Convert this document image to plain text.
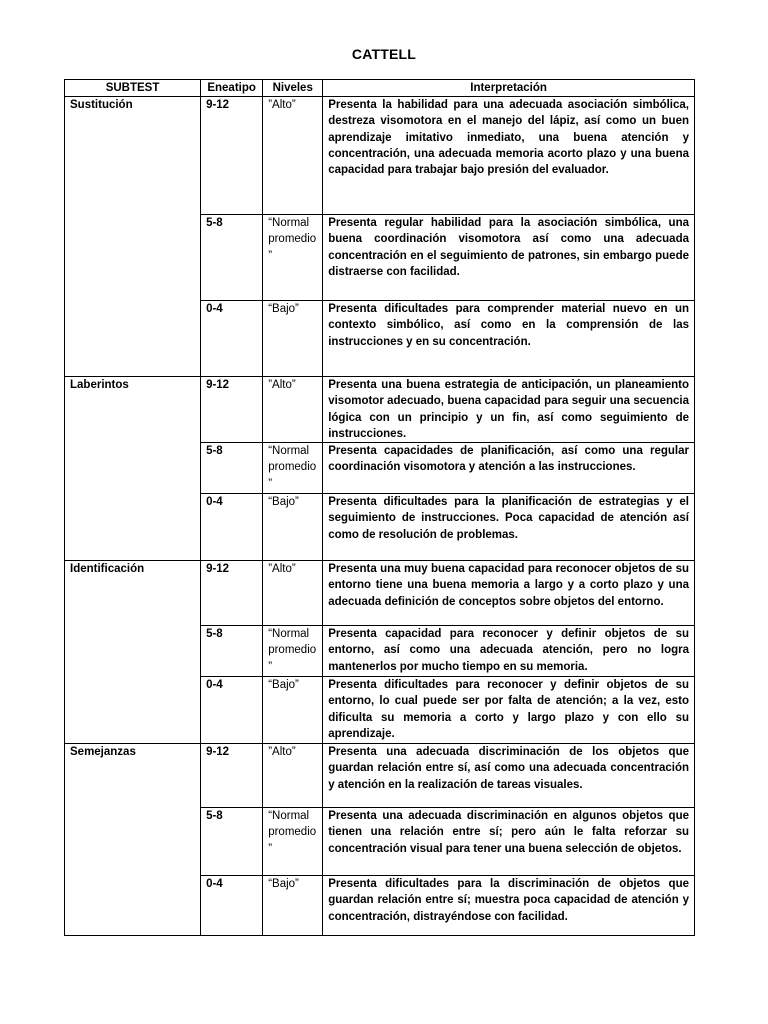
CATTELL
SUBTEST	Eneatipo	Niveles	Interpretación
Sustitución	9-12	”Alto”	Presenta la habilidad para una adecuada asociación simbólica, destreza visomotora en el manejo del lápiz, así como un buen aprendizaje imitativo inmediato, una buena atención y concentración, una adecuada memoria acorto plazo y una buena capacidad para trabajar bajo presión del evaluador.
	5-8	“Normal promedio ”	Presenta regular habilidad para la asociación simbólica, una buena coordinación visomotora así como una adecuada concentración en el seguimiento de patrones, sin embargo puede distraerse con facilidad.
	0-4	“Bajo”	Presenta dificultades para comprender material nuevo en un contexto simbólico, así como en la comprensión de las instrucciones y en su concentración.
Laberintos	9-12	”Alto”	Presenta una buena estrategia de anticipación, un planeamiento visomotor adecuado, buena capacidad para seguir una secuencia lógica con un principio y un fin, así como seguimiento de instrucciones.
	5-8	“Normal promedio ”	Presenta capacidades de planificación, así como una regular coordinación visomotora y atención a las instrucciones.
	0-4	“Bajo”	Presenta dificultades para la planificación de estrategias y el seguimiento de instrucciones. Poca capacidad de atención así como de resolución de problemas.
Identificación	9-12	”Alto”	Presenta una muy buena capacidad para reconocer objetos de su entorno tiene una buena memoria a largo y a corto plazo y una adecuada definición de conceptos sobre objetos del entorno.
	5-8	“Normal promedio ”	Presenta capacidad para reconocer y definir objetos de su entorno, así como una adecuada atención, pero no logra mantenerlos por mucho tiempo en su memoria.
	0-4	“Bajo”	Presenta dificultades para reconocer y definir objetos de su entorno, lo cual puede ser por falta de atención; a la vez, esto dificulta su memoria a corto y largo plazo y con ello su aprendizaje.
Semejanzas	9-12	”Alto”	Presenta una adecuada discriminación de los objetos que guardan relación entre sí, así como una adecuada concentración y atención en la realización de tareas visuales.
	5-8	“Normal promedio ”	Presenta una adecuada discriminación en algunos objetos que tienen una relación entre sí; pero aún le falta reforzar su concentración visual para tener una buena selección de objetos.
	0-4	“Bajo”	Presenta dificultades para la discriminación de objetos que guardan relación entre sí; muestra poca capacidad de atención y concentración, distrayéndose con facilidad.
